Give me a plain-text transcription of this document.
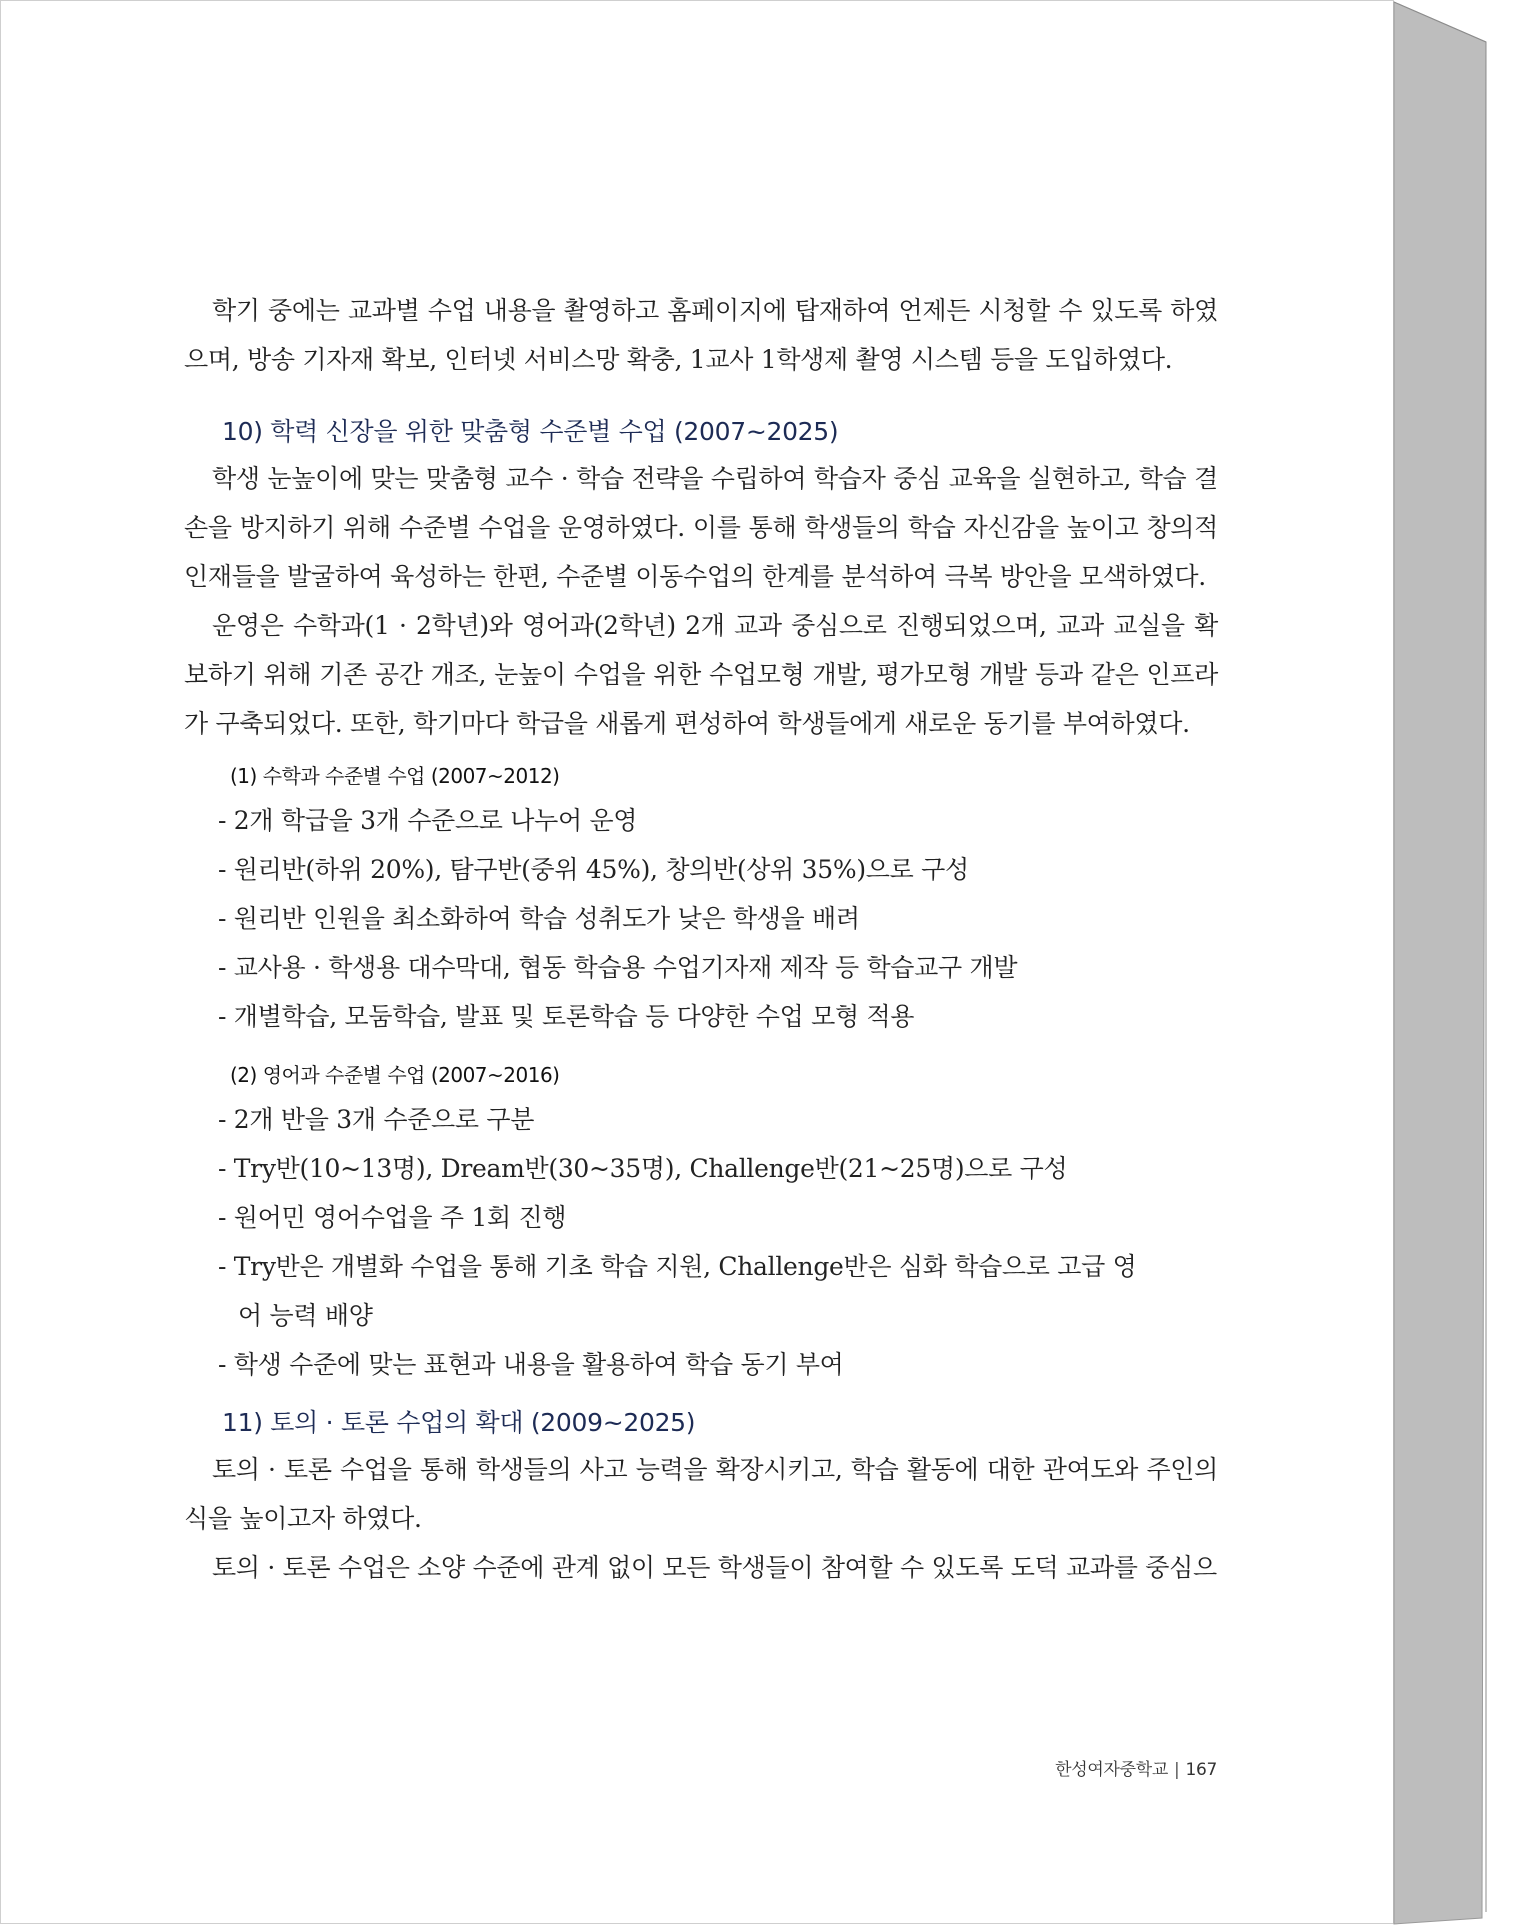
학기 중에는 교과별 수업 내용을 촬영하고 홈페이지에 탑재하여 언제든 시청할 수 있도록 하였으며, 방송 기자재 확보, 인터넷 서비스망 확충, 1교사 1학생제 촬영 시스템 등을 도입하였다.

10) 학력 신장을 위한 맞춤형 수준별 수업 (2007~2025)

학생 눈높이에 맞는 맞춤형 교수 · 학습 전략을 수립하여 학습자 중심 교육을 실현하고, 학습 결손을 방지하기 위해 수준별 수업을 운영하였다. 이를 통해 학생들의 학습 자신감을 높이고 창의적 인재들을 발굴하여 육성하는 한편, 수준별 이동수업의 한계를 분석하여 극복 방안을 모색하였다.

운영은 수학과(1 · 2학년)와 영어과(2학년) 2개 교과 중심으로 진행되었으며, 교과 교실을 확보하기 위해 기존 공간 개조, 눈높이 수업을 위한 수업모형 개발, 평가모형 개발 등과 같은 인프라가 구축되었다. 또한, 학기마다 학급을 새롭게 편성하여 학생들에게 새로운 동기를 부여하였다.

(1) 수학과 수준별 수업 (2007~2012)
- 2개 학급을 3개 수준으로 나누어 운영
- 원리반(하위 20%), 탐구반(중위 45%), 창의반(상위 35%)으로 구성
- 원리반 인원을 최소화하여 학습 성취도가 낮은 학생을 배려
- 교사용 · 학생용 대수막대, 협동 학습용 수업기자재 제작 등 학습교구 개발
- 개별학습, 모둠학습, 발표 및 토론학습 등 다양한 수업 모형 적용
(2) 영어과 수준별 수업 (2007~2016)
- 2개 반을 3개 수준으로 구분
- Try반(10~13명), Dream반(30~35명), Challenge반(21~25명)으로 구성
- 원어민 영어수업을 주 1회 진행
- Try반은 개별화 수업을 통해 기초 학습 지원, Challenge반은 심화 학습으로 고급 영어 능력 배양
- 학생 수준에 맞는 표현과 내용을 활용하여 학습 동기 부여
11) 토의 · 토론 수업의 확대 (2009~2025)

토의 · 토론 수업을 통해 학생들의 사고 능력을 확장시키고, 학습 활동에 대한 관여도와 주인의식을 높이고자 하였다.

토의 · 토론 수업은 소양 수준에 관계 없이 모든 학생들이 참여할 수 있도록 도덕 교과를 중심으

한성여자중학교 | 167
